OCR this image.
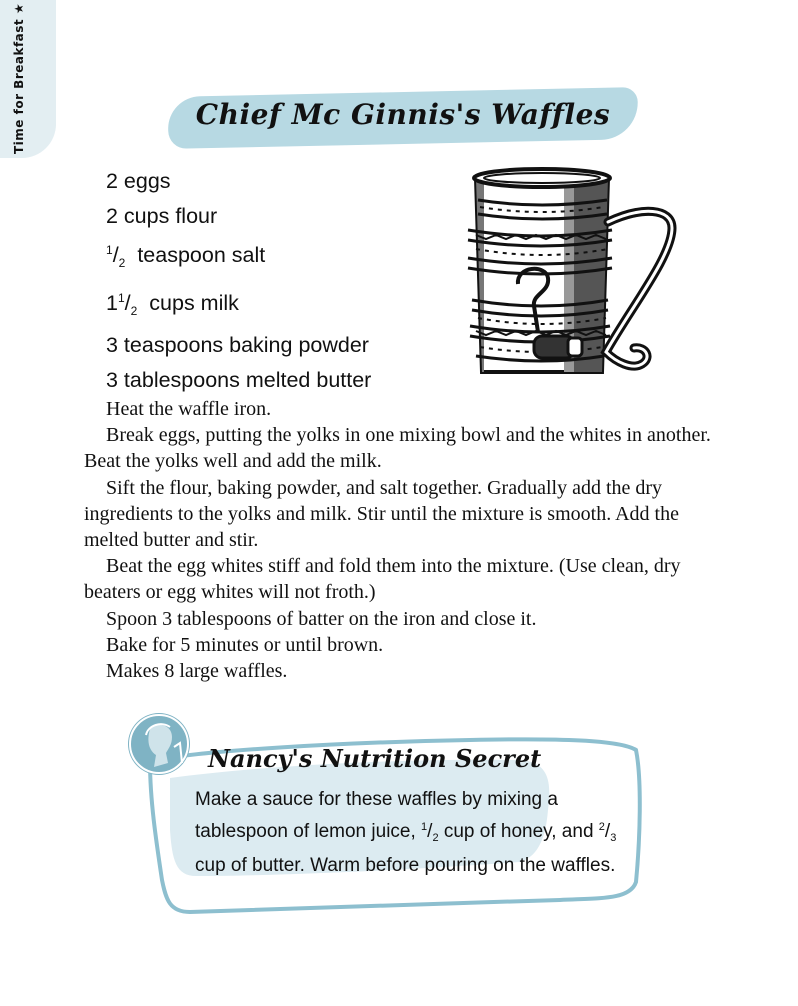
Time for Breakfast ★
Chief Mc Ginnis's Waffles
2 eggs
2 cups flour
$^1/_2$ teaspoon salt
$1^1/_2$ cups milk
3 teaspoons baking powder
3 tablespoons melted butter

Heat the waffle iron.

Break eggs, putting the yolks in one mixing bowl and the whites in another. Beat the yolks well and add the milk.

Sift the flour, baking powder, and salt together. Gradually add the dry ingredients to the yolks and milk. Stir until the mixture is smooth. Add the melted butter and stir.

Beat the egg whites stiff and fold them into the mixture. (Use clean, dry beaters or egg whites will not froth.)

Spoon 3 tablespoons of batter on the iron and close it.

Bake for 5 minutes or until brown.

Makes 8 large waffles.

Nancy's Nutrition Secret

Make a sauce for these waffles by mixing a tablespoon of lemon juice, $^1/_2$ cup of honey, and $^2/_3$ cup of butter. Warm before pouring on the waffles.
